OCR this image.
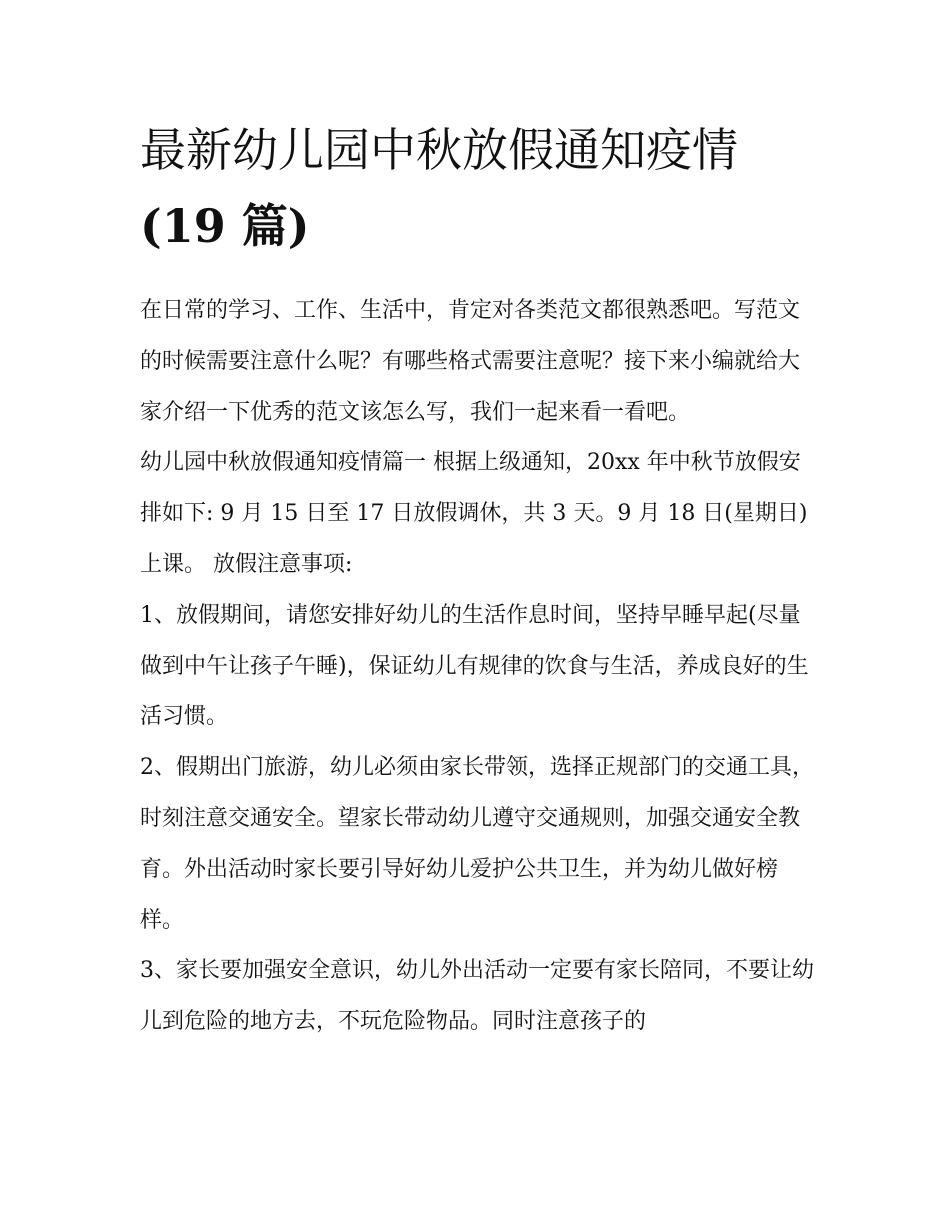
最新幼儿园中秋放假通知疫情
(19 篇)

在日常的学习、工作、生活中，肯定对各类范文都很熟悉吧。写范文的时候需要注意什么呢？有哪些格式需要注意呢？接下来小编就给大家介绍一下优秀的范文该怎么写，我们一起来看一看吧。

幼儿园中秋放假通知疫情篇一 根据上级通知，20xx 年中秋节放假安排如下: 9 月 15 日至 17 日放假调休，共 3 天。9 月 18 日(星期日)上课。 放假注意事项:

1、放假期间，请您安排好幼儿的生活作息时间，坚持早睡早起(尽量做到中午让孩子午睡)，保证幼儿有规律的饮食与生活，养成良好的生活习惯。

2、假期出门旅游，幼儿必须由家长带领，选择正规部门的交通工具，时刻注意交通安全。望家长带动幼儿遵守交通规则，加强交通安全教育。外出活动时家长要引导好幼儿爱护公共卫生，并为幼儿做好榜样。

3、家长要加强安全意识，幼儿外出活动一定要有家长陪同，不要让幼儿到危险的地方去，不玩危险物品。同时注意孩子的
